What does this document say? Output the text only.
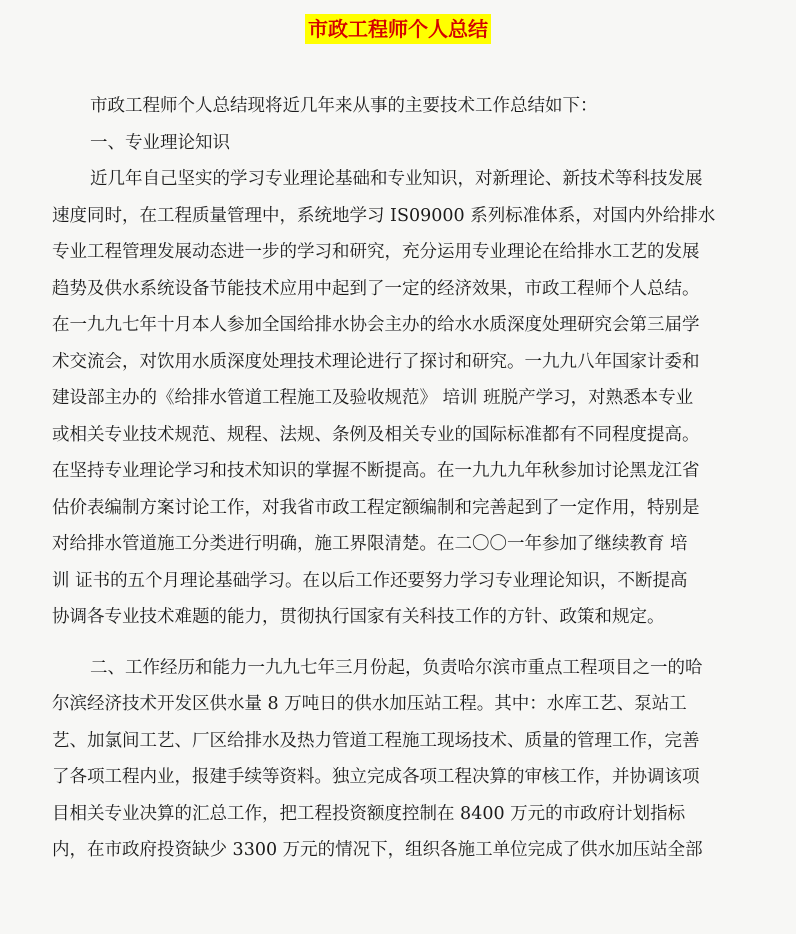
市政工程师个人总结
市政工程师个人总结现将近几年来从事的主要技术工作总结如下：
一、专业理论知识
近几年自己坚实的学习专业理论基础和专业知识，对新理论、新技术等科技发展
速度同时，在工程质量管理中，系统地学习 IS09000 系列标准体系，对国内外给排水
专业工程管理发展动态进一步的学习和研究，充分运用专业理论在给排水工艺的发展
趋势及供水系统设备节能技术应用中起到了一定的经济效果，市政工程师个人总结。
在一九九七年十月本人参加全国给排水协会主办的给水水质深度处理研究会第三届学
术交流会，对饮用水质深度处理技术理论进行了探讨和研究。一九九八年国家计委和
建设部主办的《给排水管道工程施工及验收规范》 培训 班脱产学习，对熟悉本专业
或相关专业技术规范、规程、法规、条例及相关专业的国际标准都有不同程度提高。
在坚持专业理论学习和技术知识的掌握不断提高。在一九九九年秋参加讨论黑龙江省
估价表编制方案讨论工作，对我省市政工程定额编制和完善起到了一定作用，特别是
对给排水管道施工分类进行明确，施工界限清楚。在二〇〇一年参加了继续教育 培
训 证书的五个月理论基础学习。在以后工作还要努力学习专业理论知识，不断提高
协调各专业技术难题的能力，贯彻执行国家有关科技工作的方针、政策和规定。
二、工作经历和能力一九九七年三月份起，负责哈尔滨市重点工程项目之一的哈
尔滨经济技术开发区供水量 8 万吨日的供水加压站工程。其中：水库工艺、泵站工
艺、加氯间工艺、厂区给排水及热力管道工程施工现场技术、质量的管理工作，完善
了各项工程内业，报建手续等资料。独立完成各项工程决算的审核工作，并协调该项
目相关专业决算的汇总工作，把工程投资额度控制在 8400 万元的市政府计划指标
内，在市政府投资缺少 3300 万元的情况下，组织各施工单位完成了供水加压站全部
